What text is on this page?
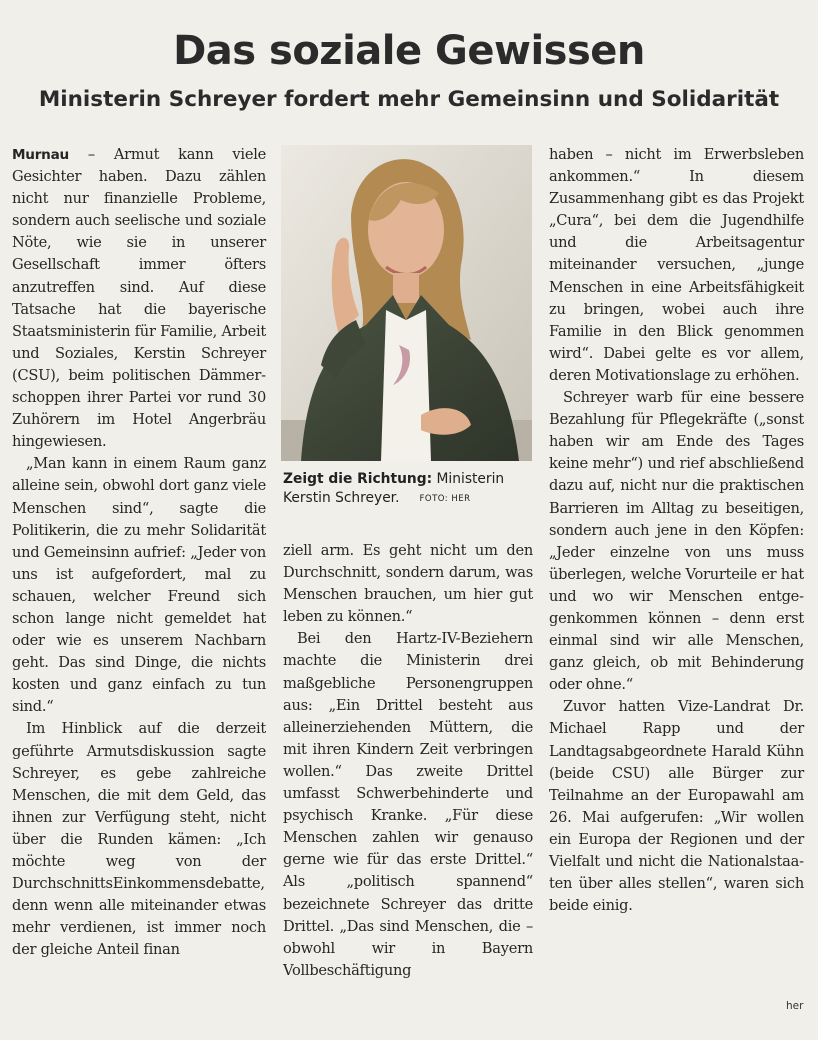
Das soziale Gewissen
Ministerin Schreyer fordert mehr Gemeinsinn und Solidarität

Murnau – Armut kann viele Gesichter haben. Dazu zählen nicht nur finanzielle Probleme, sondern auch seelische und soziale Nöte, wie sie in unserer Gesellschaft immer öfters anzutreffen sind. Auf diese Tatsache hat die bayerische Staatsministerin für Familie, Arbeit und Soziales, Kerstin Schreyer (CSU), beim politischen Dämmerschoppen ihrer Partei vor rund 30 Zuhörern im Hotel Angerbräu hingewiesen.

„Man kann in einem Raum ganz alleine sein, obwohl dort ganz viele Menschen sind“, sagte die Politikerin, die zu mehr Solidarität und Gemeinsinn aufrief: „Jeder von uns ist aufgefordert, mal zu schauen, welcher Freund sich schon lange nicht gemeldet hat oder wie es unserem Nachbarn geht. Das sind Dinge, die nichts kosten und ganz einfach zu tun sind.“

Im Hinblick auf die derzeit geführte Armutsdiskussion sagte Schreyer, es gebe zahlreiche Menschen, die mit dem Geld, das ihnen zur Verfügung steht, nicht über die Runden kämen: „Ich möchte weg von der DurchschnittsEinkommensdebatte, denn wenn alle miteinander etwas mehr verdienen, ist immer noch der gleiche Anteil finan

Zeigt die Richtung: Ministerin Kerstin Schreyer. FOTO: HER

ziell arm. Es geht nicht um den Durchschnitt, sondern darum, was Menschen brauchen, um hier gut leben zu können.“

Bei den Hartz-IV-Beziehern machte die Ministerin drei maßgebliche Personengruppen aus: „Ein Drittel besteht aus alleinerziehenden Müttern, die mit ihren Kindern Zeit verbringen wollen.“ Das zweite Drittel umfasst Schwerbehinderte und psychisch Kranke. „Für diese Menschen zahlen wir genauso gerne wie für das erste Drittel.“ Als „politisch spannend“ bezeichnete Schreyer das dritte Drittel. „Das sind Menschen, die – obwohl wir in Bayern Vollbeschäftigung

haben – nicht im Erwerbsleben ankommen.“ In diesem Zusammenhang gibt es das Projekt „Cura“, bei dem die Jugendhilfe und die Arbeitsagentur miteinander versuchen, „junge Menschen in eine Arbeitsfähigkeit zu bringen, wobei auch ihre Familie in den Blick genommen wird“. Dabei gelte es vor allem, deren Motivationslage zu erhöhen.

Schreyer warb für eine bessere Bezahlung für Pflegekräfte („sonst haben wir am Ende des Tages keine mehr“) und rief abschließend dazu auf, nicht nur die praktischen Barrieren im Alltag zu beseitigen, sondern auch jene in den Köpfen: „Jeder einzelne von uns muss überlegen, welche Vorurteile er hat und wo wir Menschen entgegenkommen können – denn erst einmal sind wir alle Menschen, ganz gleich, ob mit Behinderung oder ohne.“

Zuvor hatten Vize-Landrat Dr. Michael Rapp und der Landtagsabgeordnete Harald Kühn (beide CSU) alle Bürger zur Teilnahme an der Europawahl am 26. Mai aufgerufen: „Wir wollen ein Europa der Regionen und der Vielfalt und nicht die Nationalstaaten über alles stellen“, waren sich beide einig.

her
